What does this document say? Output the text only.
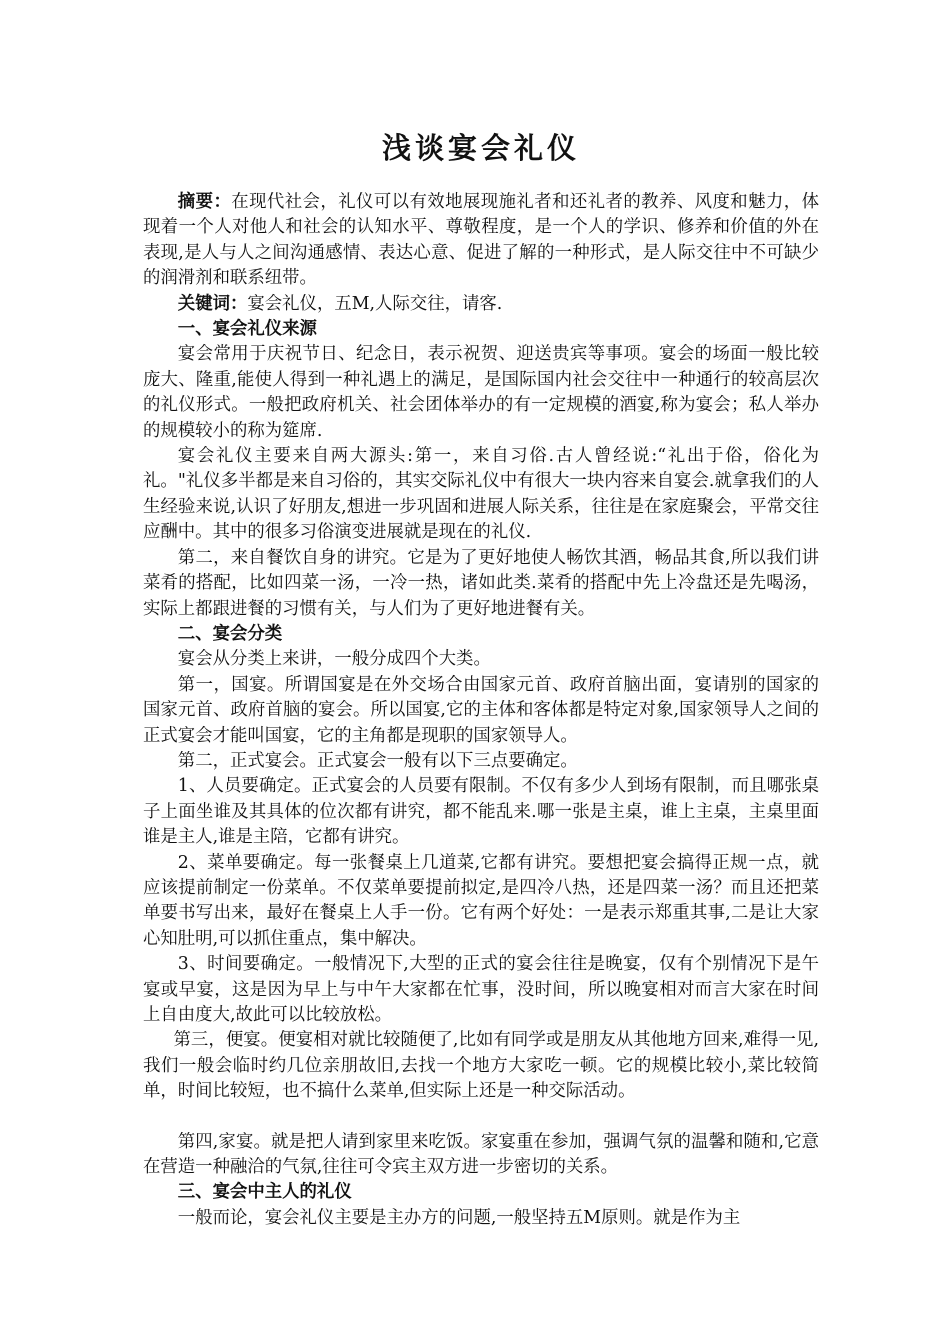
浅谈宴会礼仪

摘要：在现代社会，礼仪可以有效地展现施礼者和还礼者的教养、风度和魅力，体现着一个人对他人和社会的认知水平、尊敬程度，是一个人的学识、修养和价值的外在表现,是人与人之间沟通感情、表达心意、促进了解的一种形式，是人际交往中不可缺少的润滑剂和联系纽带。

关键词：宴会礼仪，五M,人际交往，请客.

一、宴会礼仪来源

宴会常用于庆祝节日、纪念日，表示祝贺、迎送贵宾等事项。宴会的场面一般比较庞大、隆重,能使人得到一种礼遇上的满足，是国际国内社会交往中一种通行的较高层次的礼仪形式。一般把政府机关、社会团体举办的有一定规模的酒宴,称为宴会；私人举办的规模较小的称为筵席.

宴会礼仪主要来自两大源头:第一，来自习俗.古人曾经说:“礼出于俗，俗化为礼。"礼仪多半都是来自习俗的，其实交际礼仪中有很大一块内容来自宴会.就拿我们的人生经验来说,认识了好朋友,想进一步巩固和进展人际关系，往往是在家庭聚会，平常交往应酬中。其中的很多习俗演变进展就是现在的礼仪.

第二，来自餐饮自身的讲究。它是为了更好地使人畅饮其酒，畅品其食,所以我们讲菜肴的搭配，比如四菜一汤，一冷一热，诸如此类.菜肴的搭配中先上冷盘还是先喝汤，实际上都跟进餐的习惯有关，与人们为了更好地进餐有关。

二、宴会分类

宴会从分类上来讲，一般分成四个大类。

第一，国宴。所谓国宴是在外交场合由国家元首、政府首脑出面，宴请别的国家的国家元首、政府首脑的宴会。所以国宴,它的主体和客体都是特定对象,国家领导人之间的正式宴会才能叫国宴，它的主角都是现职的国家领导人。

第二，正式宴会。正式宴会一般有以下三点要确定。

1、人员要确定。正式宴会的人员要有限制。不仅有多少人到场有限制，而且哪张桌子上面坐谁及其具体的位次都有讲究，都不能乱来.哪一张是主桌，谁上主桌，主桌里面谁是主人,谁是主陪，它都有讲究。

2、菜单要确定。每一张餐桌上几道菜,它都有讲究。要想把宴会搞得正规一点，就应该提前制定一份菜单。不仅菜单要提前拟定,是四冷八热，还是四菜一汤？而且还把菜单要书写出来，最好在餐桌上人手一份。它有两个好处：一是表示郑重其事,二是让大家心知肚明,可以抓住重点，集中解决。

3、时间要确定。一般情况下,大型的正式的宴会往往是晚宴，仅有个别情况下是午宴或早宴，这是因为早上与中午大家都在忙事，没时间，所以晚宴相对而言大家在时间上自由度大,故此可以比较放松。

第三，便宴。便宴相对就比较随便了,比如有同学或是朋友从其他地方回来,难得一见,我们一般会临时约几位亲朋故旧,去找一个地方大家吃一顿。它的规模比较小,菜比较简单，时间比较短，也不搞什么菜单,但实际上还是一种交际活动。

第四,家宴。就是把人请到家里来吃饭。家宴重在参加，强调气氛的温馨和随和,它意在营造一种融洽的气氛,往往可令宾主双方进一步密切的关系。

三、宴会中主人的礼仪

一般而论，宴会礼仪主要是主办方的问题,一般坚持五M原则。就是作为主
